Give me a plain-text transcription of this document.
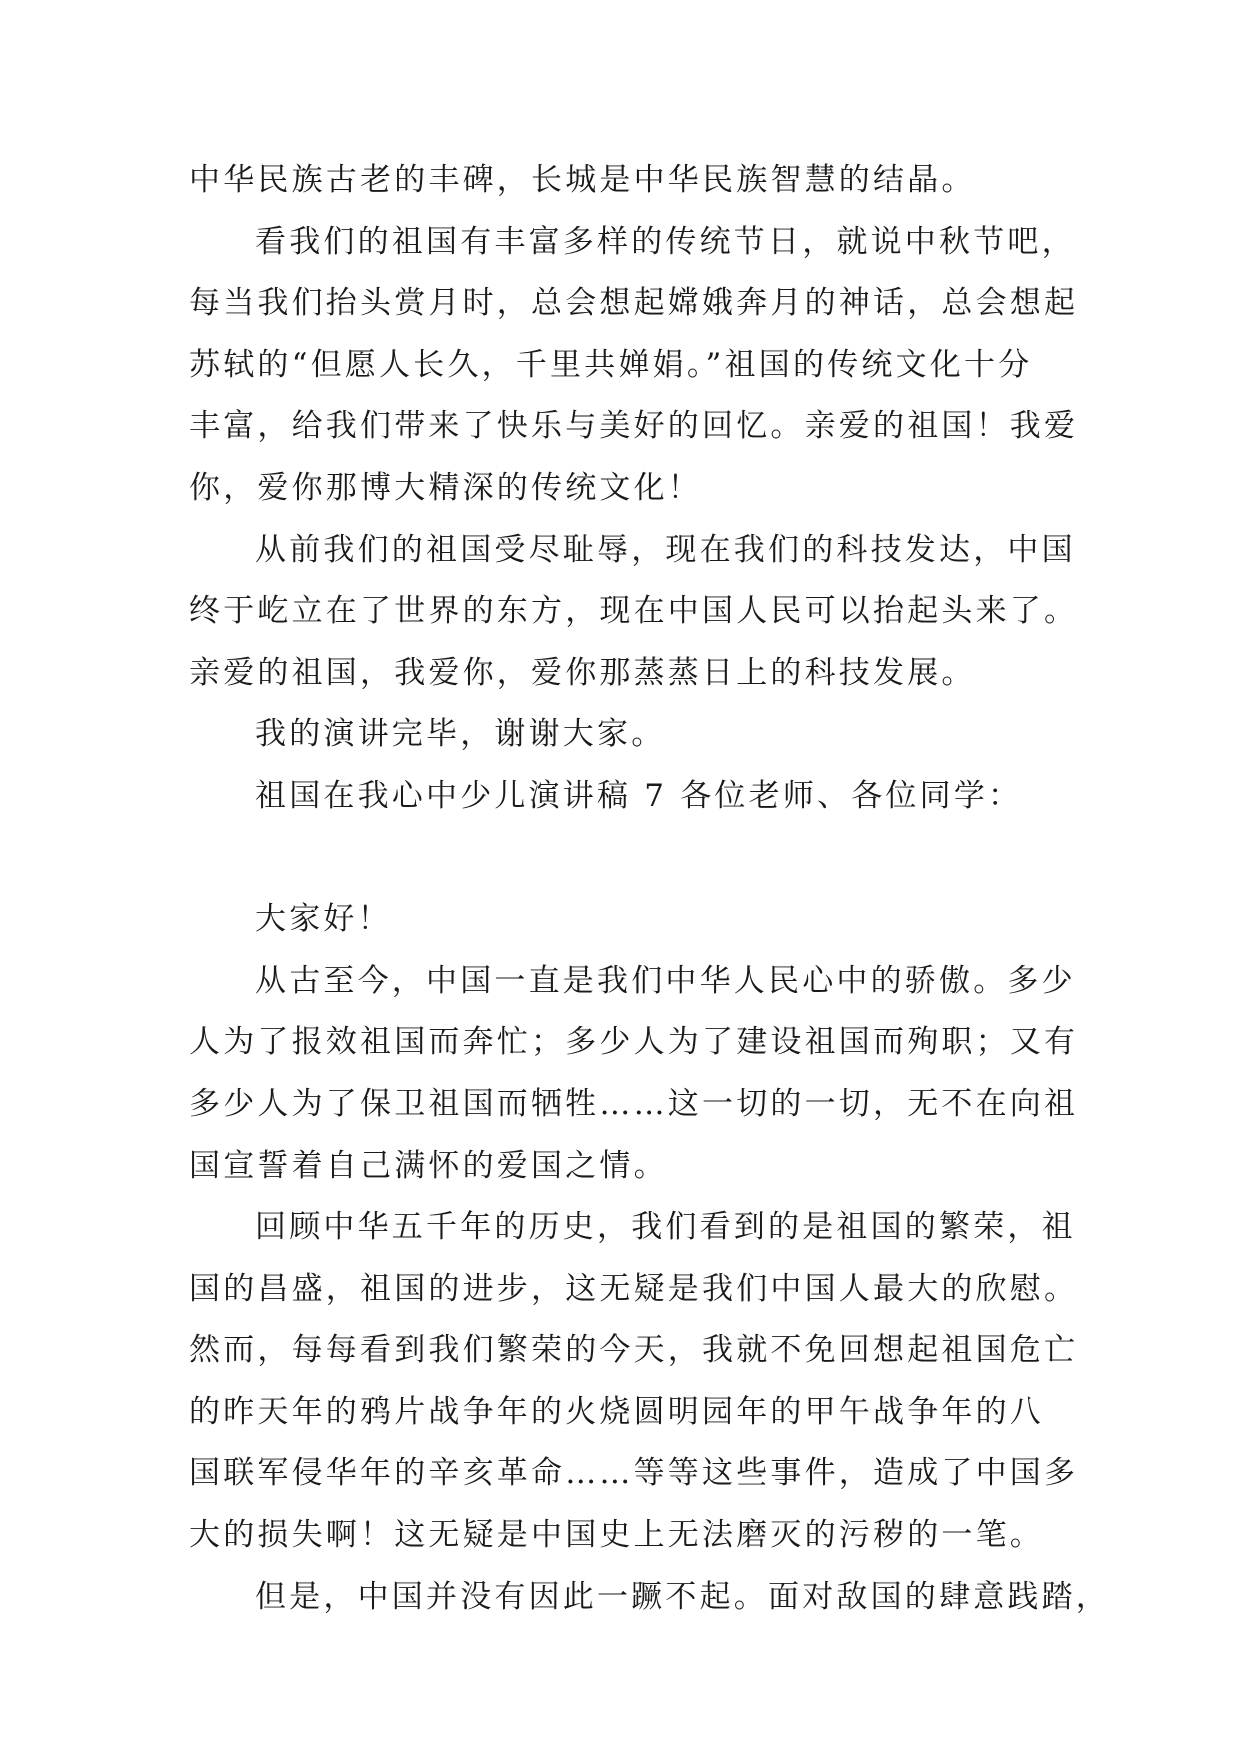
中华民族古老的丰碑，长城是中华民族智慧的结晶。
看我们的祖国有丰富多样的传统节日，就说中秋节吧，
每当我们抬头赏月时，总会想起嫦娥奔月的神话，总会想起
苏轼的“但愿人长久，千里共婵娟。”祖国的传统文化十分
丰富，给我们带来了快乐与美好的回忆。亲爱的祖国！我爱
你，爱你那博大精深的传统文化！
从前我们的祖国受尽耻辱，现在我们的科技发达，中国
终于屹立在了世界的东方，现在中国人民可以抬起头来了。
亲爱的祖国，我爱你，爱你那蒸蒸日上的科技发展。
我的演讲完毕，谢谢大家。
祖国在我心中少儿演讲稿 7 各位老师、各位同学：
大家好！
从古至今，中国一直是我们中华人民心中的骄傲。多少
人为了报效祖国而奔忙；多少人为了建设祖国而殉职；又有
多少人为了保卫祖国而牺牲……这一切的一切，无不在向祖
国宣誓着自己满怀的爱国之情。
回顾中华五千年的历史，我们看到的是祖国的繁荣，祖
国的昌盛，祖国的进步，这无疑是我们中国人最大的欣慰。
然而，每每看到我们繁荣的今天，我就不免回想起祖国危亡
的昨天年的鸦片战争年的火烧圆明园年的甲午战争年的八
国联军侵华年的辛亥革命……等等这些事件，造成了中国多
大的损失啊！这无疑是中国史上无法磨灭的污秽的一笔。
但是，中国并没有因此一蹶不起。面对敌国的肆意践踏，
